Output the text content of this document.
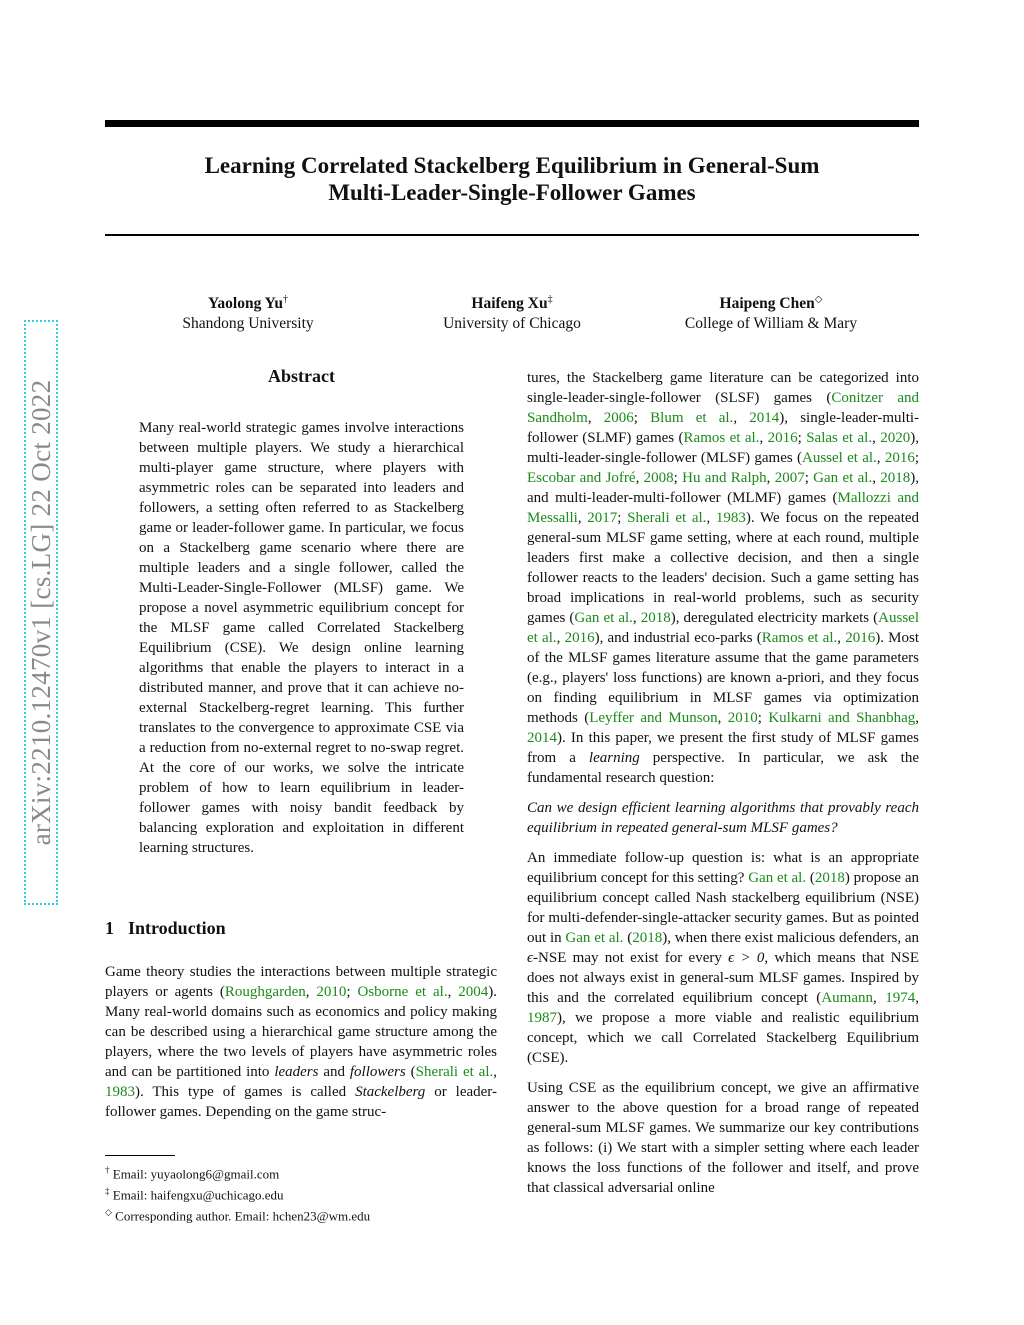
arXiv:2210.12470v1 [cs.LG] 22 Oct 2022
Learning Correlated Stackelberg Equilibrium in General-Sum
Multi-Leader-Single-Follower Games
Yaolong Yu†
Shandong University
Haifeng Xu‡
University of Chicago
Haipeng Chen◇
College of William & Mary
Abstract
Many real-world strategic games involve interactions between multiple players. We study a hierarchical multi-player game structure, where players with asymmetric roles can be separated into leaders and followers, a setting often referred to as Stackelberg game or leader-follower game. In particular, we focus on a Stackelberg game scenario where there are multiple leaders and a single follower, called the Multi-Leader-Single-Follower (MLSF) game. We propose a novel asymmetric equilibrium concept for the MLSF game called Correlated Stackelberg Equilibrium (CSE). We design online learning algorithms that enable the players to interact in a distributed manner, and prove that it can achieve no-external Stackelberg-regret learning. This further translates to the convergence to approximate CSE via a reduction from no-external regret to no-swap regret. At the core of our works, we solve the intricate problem of how to learn equilibrium in leader-follower games with noisy bandit feedback by balancing exploration and exploitation in different learning structures.
1 Introduction
Game theory studies the interactions between multiple strategic players or agents (Roughgarden, 2010; Osborne et al., 2004). Many real-world domains such as economics and policy making can be described using a hierarchical game structure among the players, where the two levels of players have asymmetric roles and can be partitioned into leaders and followers (Sherali et al., 1983). This type of games is called Stackelberg or leader-follower games. Depending on the game struc-
† Email: yuyaolong6@gmail.com
‡ Email: haifengxu@uchicago.edu
◇ Corresponding author. Email: hchen23@wm.edu

tures, the Stackelberg game literature can be categorized into single-leader-single-follower (SLSF) games (Conitzer and Sandholm, 2006; Blum et al., 2014), single-leader-multi-follower (SLMF) games (Ramos et al., 2016; Salas et al., 2020), multi-leader-single-follower (MLSF) games (Aussel et al., 2016; Escobar and Jofré, 2008; Hu and Ralph, 2007; Gan et al., 2018), and multi-leader-multi-follower (MLMF) games (Mallozzi and Messalli, 2017; Sherali et al., 1983). We focus on the repeated general-sum MLSF game setting, where at each round, multiple leaders first make a collective decision, and then a single follower reacts to the leaders' decision. Such a game setting has broad implications in real-world problems, such as security games (Gan et al., 2018), deregulated electricity markets (Aussel et al., 2016), and industrial eco-parks (Ramos et al., 2016). Most of the MLSF games literature assume that the game parameters (e.g., players' loss functions) are known a-priori, and they focus on finding equilibrium in MLSF games via optimization methods (Leyffer and Munson, 2010; Kulkarni and Shanbhag, 2014). In this paper, we present the first study of MLSF games from a learning perspective. In particular, we ask the fundamental research question:

Can we design efficient learning algorithms that provably reach equilibrium in repeated general-sum MLSF games?

An immediate follow-up question is: what is an appropriate equilibrium concept for this setting? Gan et al. (2018) propose an equilibrium concept called Nash stackelberg equilibrium (NSE) for multi-defender-single-attacker security games. But as pointed out in Gan et al. (2018), when there exist malicious defenders, an ϵ-NSE may not exist for every ϵ > 0, which means that NSE does not always exist in general-sum MLSF games. Inspired by this and the correlated equilibrium concept (Aumann, 1974, 1987), we propose a more viable and realistic equilibrium concept, which we call Correlated Stackelberg Equilibrium (CSE).

Using CSE as the equilibrium concept, we give an affirmative answer to the above question for a broad range of repeated general-sum MLSF games. We summarize our key contributions as follows: (i) We start with a simpler setting where each leader knows the loss functions of the follower and itself, and prove that classical adversarial online
